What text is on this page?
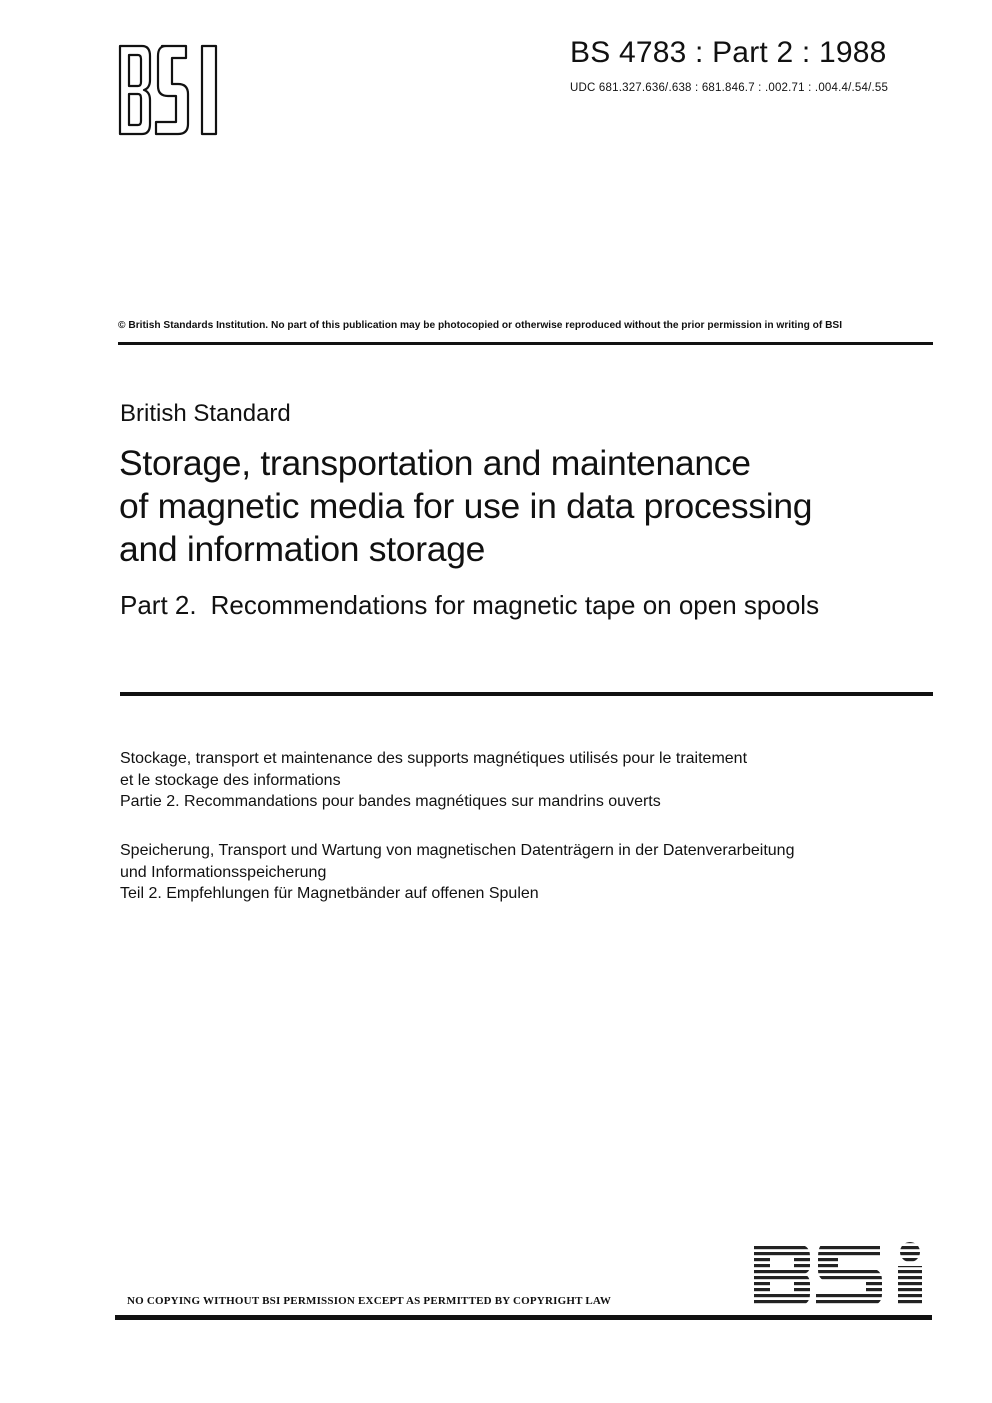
BS 4783 : Part 2 : 1988
UDC 681.327.636/.638 : 681.846.7 : .002.71 : .004.4/.54/.55
© British Standards Institution. No part of this publication may be photocopied or otherwise reproduced without the prior permission in writing of BSI
British Standard
Storage, transportation and maintenance
of magnetic media for use in data processing
and information storage
Part 2. Recommendations for magnetic tape on open spools
Stockage, transport et maintenance des supports magnétiques utilisés pour le traitement
et le stockage des informations
Partie 2. Recommandations pour bandes magnétiques sur mandrins ouverts
Speicherung, Transport und Wartung von magnetischen Datenträgern in der Datenverarbeitung
und Informationsspeicherung
Teil 2. Empfehlungen für Magnetbänder auf offenen Spulen
NO COPYING WITHOUT BSI PERMISSION EXCEPT AS PERMITTED BY COPYRIGHT LAW
